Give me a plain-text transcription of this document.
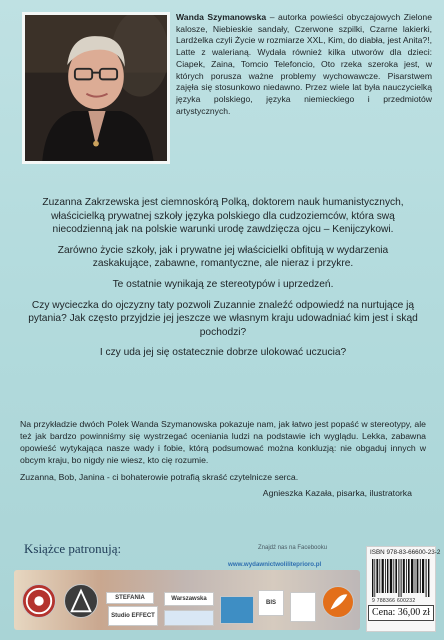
Wanda Szymanowska – autorka powieści obyczajowych Zielone kalosze, Niebieskie sandały, Czerwone szpilki, Czarne lakierki, Lardżelka czyli Życie w rozmiarze XXL, Kim, do diabła, jest Anita?!, Latte z walerianą. Wydała również kilka utworów dla dzieci: Ciapek, Zaina, Tomcio Telefoncio, Oto rzeka szeroka jest, w których porusza ważne problemy wychowawcze. Pisarstwem zajęła się stosunkowo niedawno. Przez wiele lat była nauczycielką języka polskiego, języka niemieckiego i przedmiotów artystycznych.

Zuzanna Zakrzewska jest ciemnoskórą Polką, doktorem nauk humanistycznych, właścicielką prywatnej szkoły języka polskiego dla cudzoziemców, która swą niecodzienną jak na polskie warunki urodę zawdzięcza ojcu – Kenijczykowi.

Zarówno życie szkoły, jak i prywatne jej właścicielki obfitują w wydarzenia zaskakujące, zabawne, romantyczne, ale nieraz i przykre.

Te ostatnie wynikają ze stereotypów i uprzedzeń.

Czy wycieczka do ojczyzny taty pozwoli Zuzannie znaleźć odpowiedź na nurtujące ją pytania? Jak często przyjdzie jej jeszcze we własnym kraju udowadniać kim jest i skąd pochodzi?

I czy uda jej się ostatecznie dobrze ulokować uczucia?

Na przykładzie dwóch Polek Wanda Szymanowska pokazuje nam, jak łatwo jest popaść w stereotypy, ale też jak bardzo powinniśmy się wystrzegać oceniania ludzi na podstawie ich wyglądu. Lekka, zabawna opowieść wytykająca nasze wady i fobie, którą podsumować można konkluzją: nie obgaduj innych w obcym kraju, bo nigdy nie wiesz, kto cię rozumie.

Zuzanna, Bob, Janina - ci bohaterowie potrafią skraść czytelnicze serca.

Agnieszka Kazała, pisarka, ilustratorka

Książce patronują:	Znajdź nas na Facebooku
www.wydawnictwoliliteprioro.pl
STEFANIA
Studio EFFECT
Warszawska
BIS
ISBN 978-83-66600-23-2
9 788366 600232
Cena: 36,00 zł
